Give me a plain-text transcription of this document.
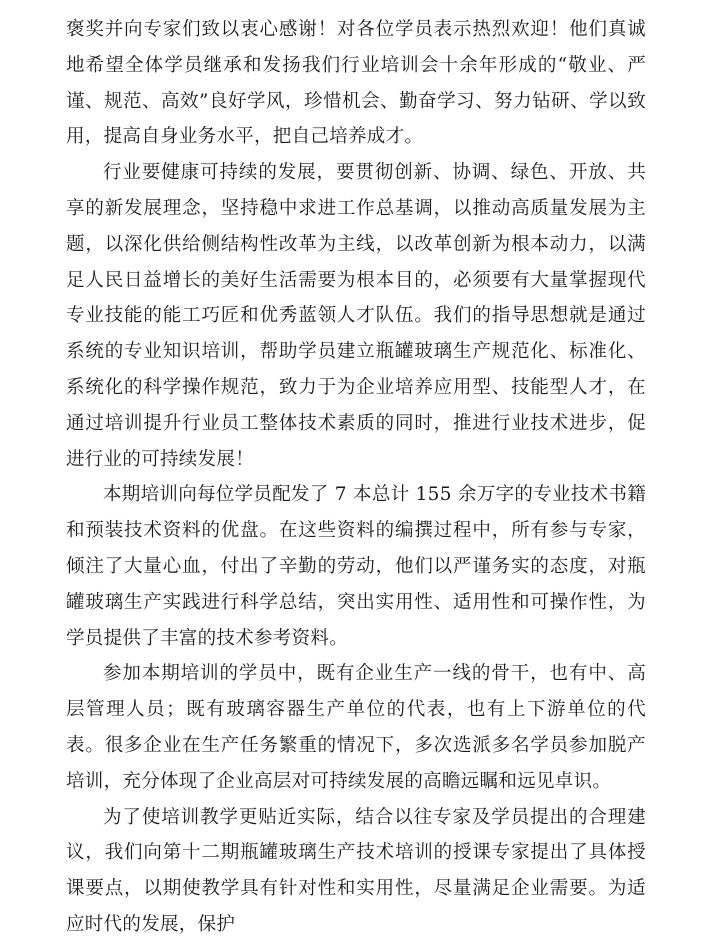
褒奖并向专家们致以衷心感谢！对各位学员表示热烈欢迎！他们真诚地希望全体学员继承和发扬我们行业培训会十余年形成的“敬业、严谨、规范、高效”良好学风，珍惜机会、勤奋学习、努力钻研、学以致用，提高自身业务水平，把自己培养成才。

行业要健康可持续的发展，要贯彻创新、协调、绿色、开放、共享的新发展理念，坚持稳中求进工作总基调，以推动高质量发展为主题，以深化供给侧结构性改革为主线，以改革创新为根本动力，以满足人民日益增长的美好生活需要为根本目的，必须要有大量掌握现代专业技能的能工巧匠和优秀蓝领人才队伍。我们的指导思想就是通过系统的专业知识培训，帮助学员建立瓶罐玻璃生产规范化、标准化、系统化的科学操作规范，致力于为企业培养应用型、技能型人才，在通过培训提升行业员工整体技术素质的同时，推进行业技术进步，促进行业的可持续发展！

本期培训向每位学员配发了 7 本总计 155 余万字的专业技术书籍和预装技术资料的优盘。在这些资料的编撰过程中，所有参与专家，倾注了大量心血，付出了辛勤的劳动，他们以严谨务实的态度，对瓶罐玻璃生产实践进行科学总结，突出实用性、适用性和可操作性，为学员提供了丰富的技术参考资料。

参加本期培训的学员中，既有企业生产一线的骨干，也有中、高层管理人员；既有玻璃容器生产单位的代表，也有上下游单位的代表。很多企业在生产任务繁重的情况下，多次选派多名学员参加脱产培训，充分体现了企业高层对可持续发展的高瞻远瞩和远见卓识。

为了使培训教学更贴近实际，结合以往专家及学员提出的合理建议，我们向第十二期瓶罐玻璃生产技术培训的授课专家提出了具体授课要点，以期使教学具有针对性和实用性，尽量满足企业需要。为适应时代的发展，保护
